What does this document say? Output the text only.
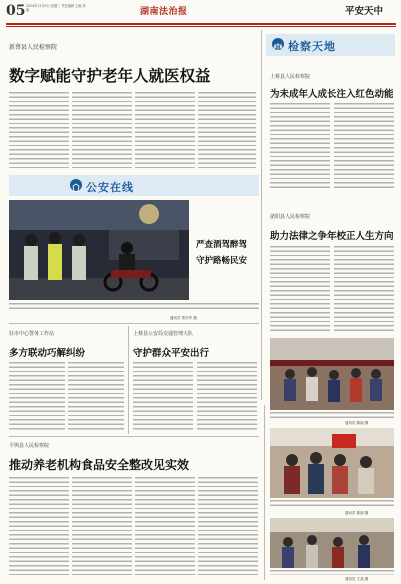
05 2024年11月6日 星期三 责任编辑 主编 美编	湖南法治报	平安天中
新蔡县人民检察院
数字赋能守护老年人就医权益
检察天地
上蔡县人民检察院
为未成年人成长注入红色动能
泌阳县人民检察院
助力法律之争年校正人生方向
通讯员 陈丽 摄
通讯员 陈丽 摄
通讯员 王晶 摄
公安在线
严查酒驾醉驾
守护路畅民安
通讯员 郑庆华 摄
驻市中心警务工作站
多方联动巧解纠纷
上蔡县公安局交通管理大队
守护群众平安出行
平舆县人民检察院
推动养老机构食品安全整改见实效
